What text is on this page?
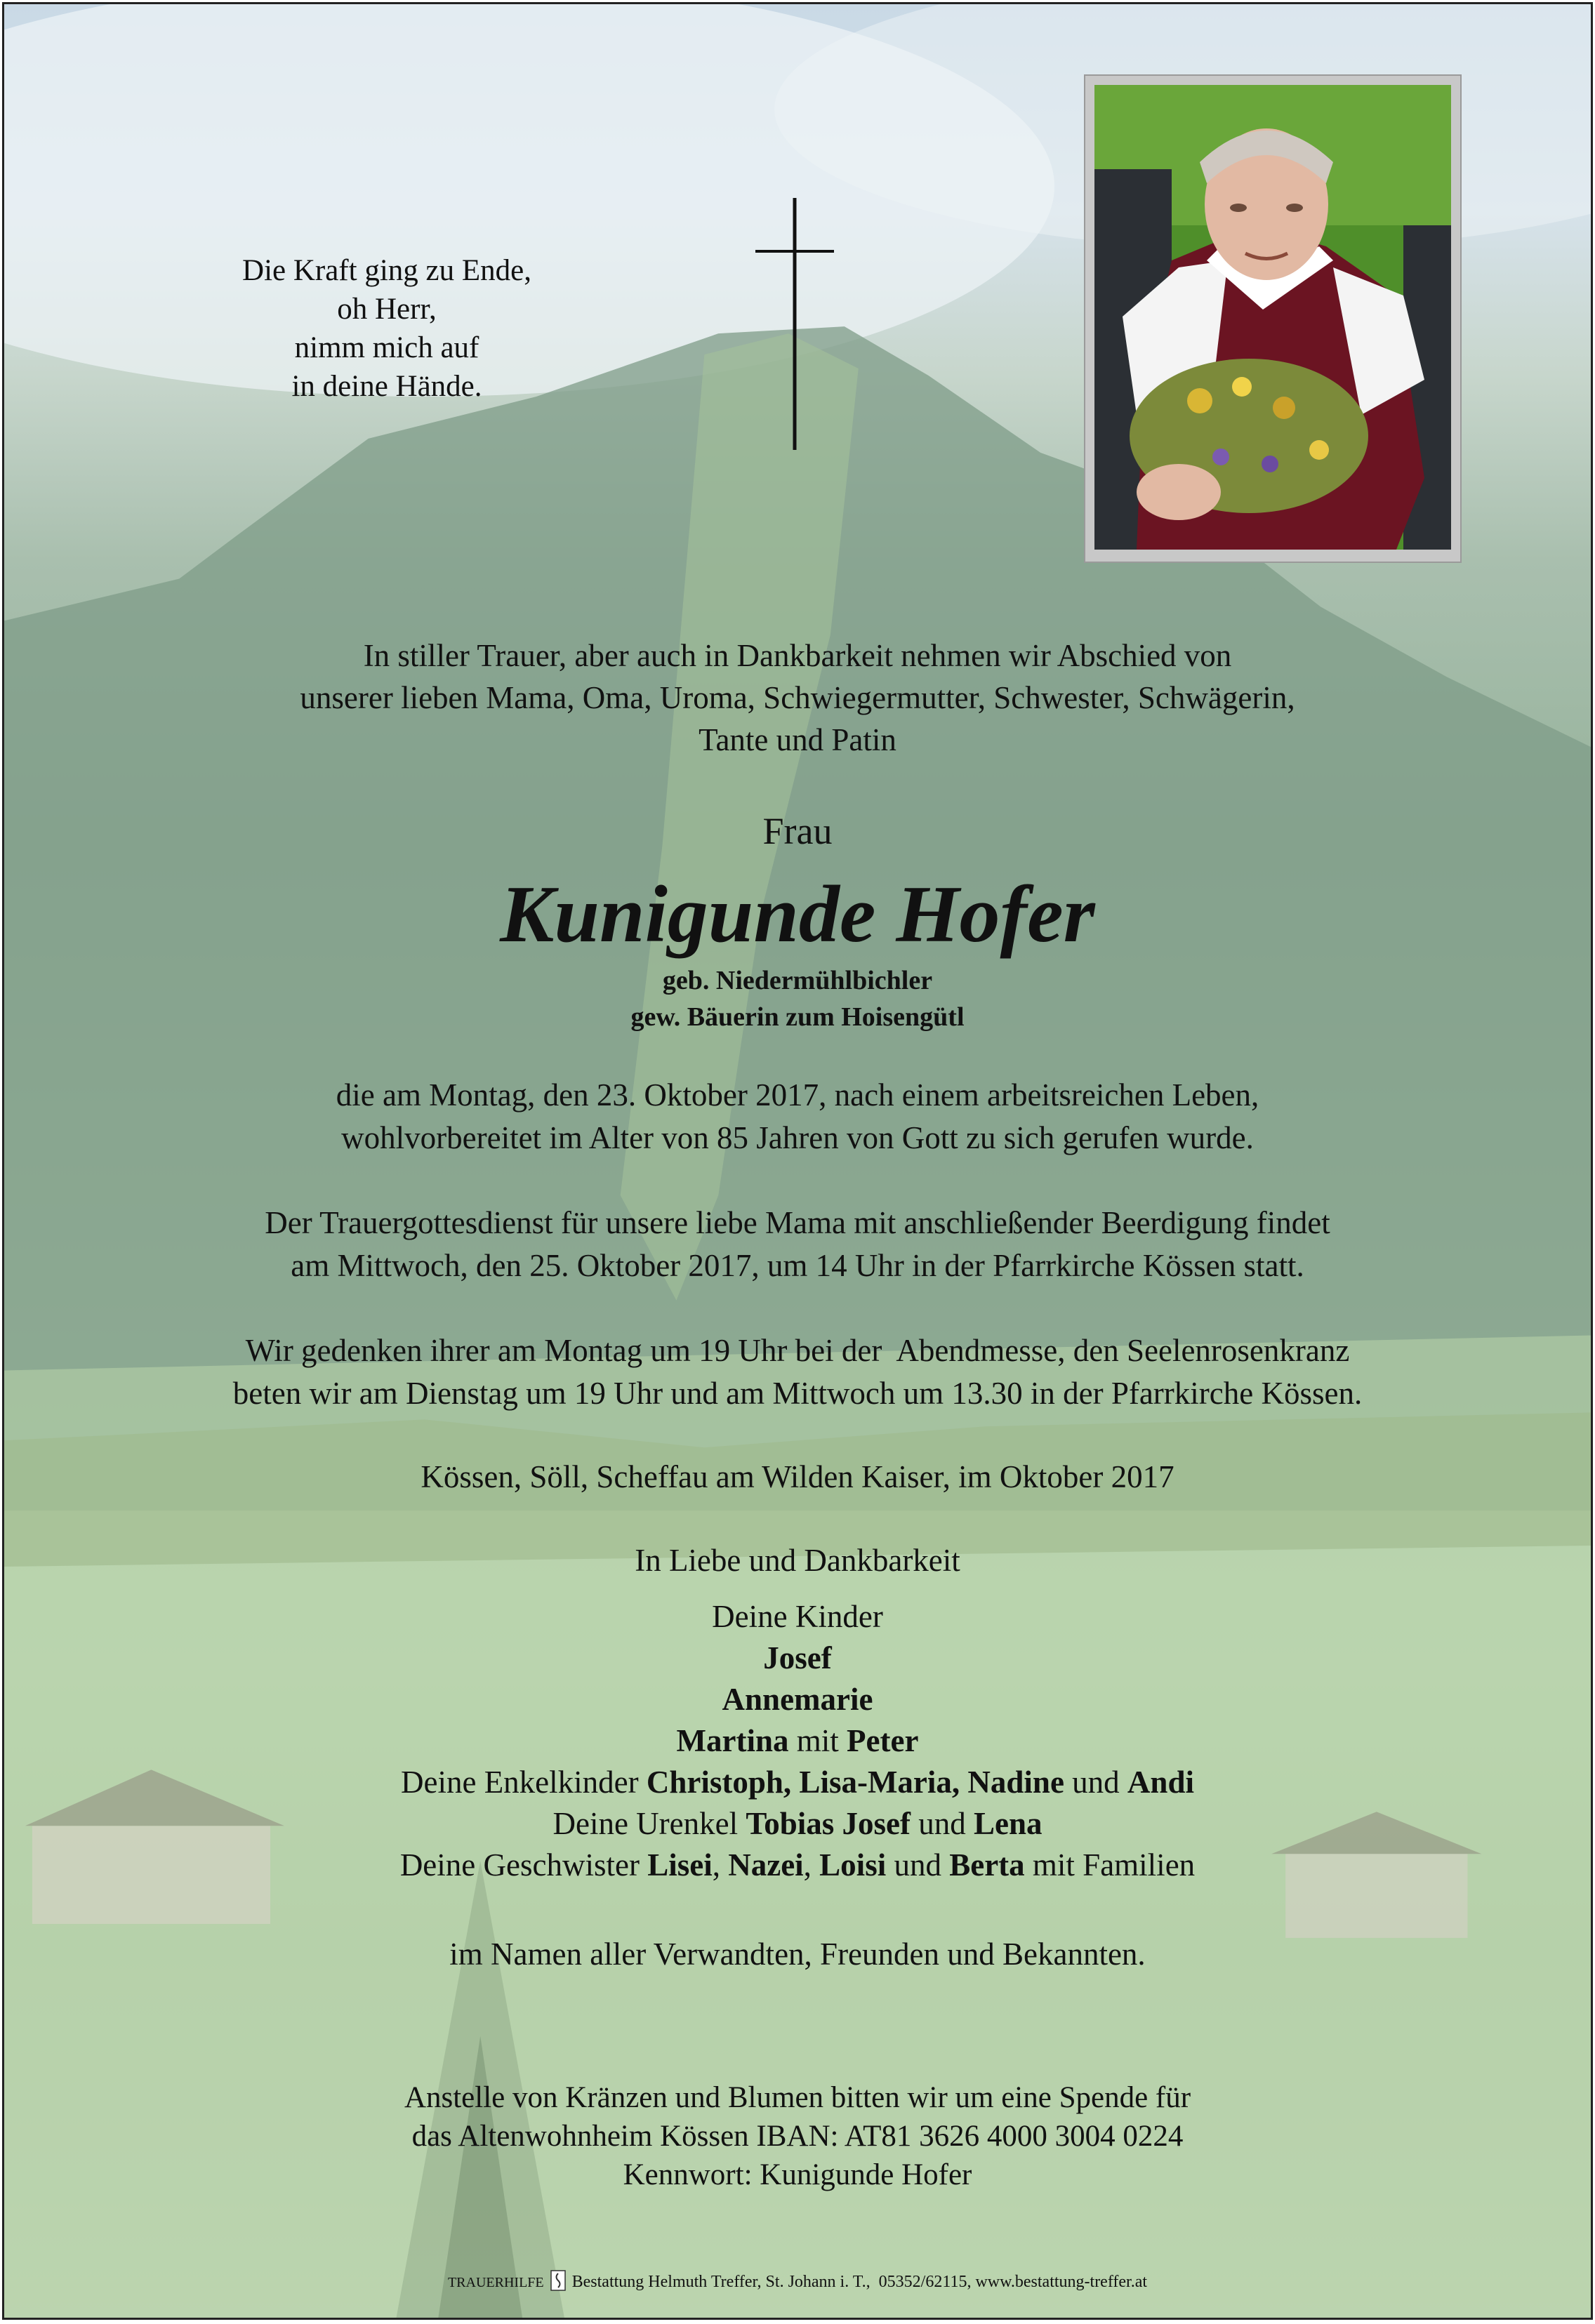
Die Kraft ging zu Ende,
oh Herr,
nimm mich auf
in deine Hände.
In stiller Trauer, aber auch in Dankbarkeit nehmen wir Abschied von
unserer lieben Mama, Oma, Uroma, Schwiegermutter, Schwester, Schwägerin,
Tante und Patin
Frau
Kunigunde Hofer
geb. Niedermühlbichler
gew. Bäuerin zum Hoisengütl
die am Montag, den 23. Oktober 2017, nach einem arbeitsreichen Leben,
wohlvorbereitet im Alter von 85 Jahren von Gott zu sich gerufen wurde.
Der Trauergottesdienst für unsere liebe Mama mit anschließender Beerdigung findet
am Mittwoch, den 25. Oktober 2017, um 14 Uhr in der Pfarrkirche Kössen statt.
Wir gedenken ihrer am Montag um 19 Uhr bei der  Abendmesse, den Seelenrosenkranz
beten wir am Dienstag um 19 Uhr und am Mittwoch um 13.30 in der Pfarrkirche Kössen.
Kössen, Söll, Scheffau am Wilden Kaiser, im Oktober 2017
In Liebe und Dankbarkeit
Deine Kinder
Josef
Annemarie
Martina mit Peter
Deine Enkelkinder Christoph, Lisa-Maria, Nadine und Andi
Deine Urenkel Tobias Josef und Lena
Deine Geschwister Lisei, Nazei, Loisi und Berta mit Familien
im Namen aller Verwandten, Freunden und Bekannten.
Anstelle von Kränzen und Blumen bitten wir um eine Spende für
das Altenwohnheim Kössen IBAN: AT81 3626 4000 3004 0224
Kennwort: Kunigunde Hofer
TRAUERHILFE Bestattung Helmuth Treffer, St. Johann i. T.,  05352/62115, www.bestattung-treffer.at
